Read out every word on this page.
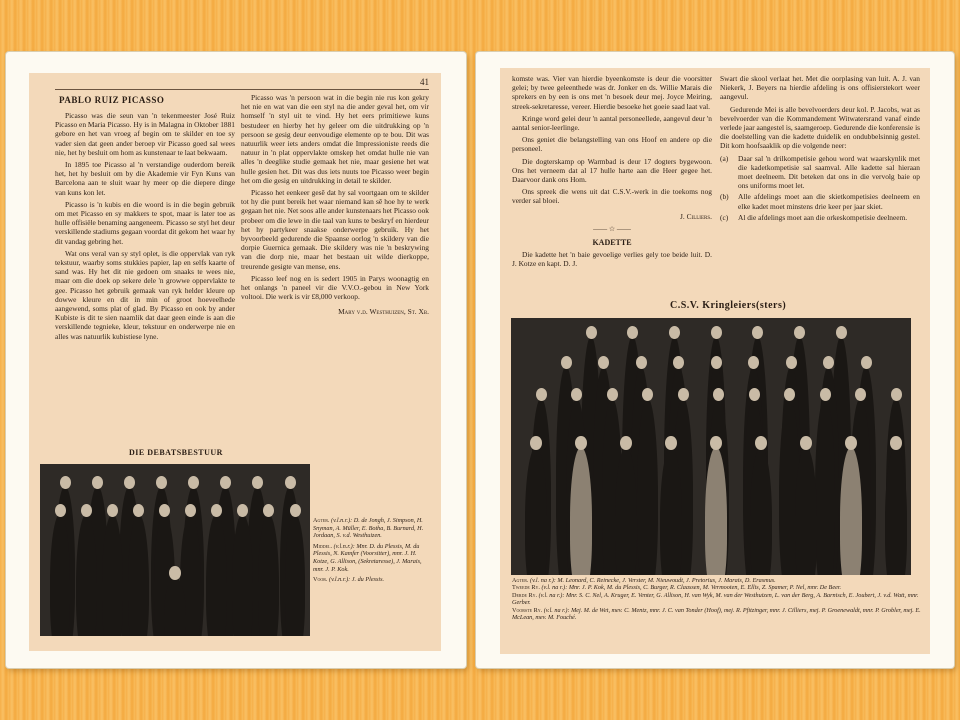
41
PABLO RUIZ PICASSO

Picasso was die seun van 'n tekenmeester José Ruiz Picasso en Maria Picasso. Hy is in Malagna in Oktober 1881 gebore en het van vroeg af begin om te skilder en toe sy vader sien dat geen ander beroep vir Picasso goed sal wees nie, het hy besluit om hom as kunstenaar te laat bekwaam.

In 1895 toe Picasso al 'n verstandige ouderdom bereik het, het hy besluit om by die Akademie vir Fyn Kuns van Barcelona aan te sluit waar hy meer op die diepere dinge van kuns kon let.

Picasso is 'n kubis en die woord is in die begin gebruik om met Picasso en sy makkers te spot, maar is later toe as hulle offisiële benaming aangeneem. Picasso se styl het deur verskillende stadiums gegaan voordat dit gekom het waar hy dit vandag gebring het.

Wat ons veral van sy styl oplet, is die oppervlak van ryk tekstuur, waarby soms stukkies papier, lap en selfs kaarte of sand was. Hy het dit nie gedoen om snaaks te wees nie, maar om die doek op sekere dele 'n growwe oppervlakte te gee. Picasso het gebruik gemaak van ryk helder kleure op dowwe kleure en dit in min of groot hoeveelhede aangewend, soms plat of glad. By Picasso en ook by ander Kubiste is dit te sien naamlik dat daar geen einde is aan die verskillende tegnieke, kleur, tekstuur en onderwerpe nie en alles was natuurlik kubistiese lyne.

Picasso was 'n persoon wat in die begin nie rus kon gekry het nie en wat van die een styl na die ander geval het, om vir homself 'n styl uit te vind. Hy het eers primitiewe kuns bestudeer en hierby het hy geleer om die uitdrukking op 'n persoon se gesig deur eenvoudige elemente op te bou. Dit was natuurlik weer iets anders omdat die Impressioniste reeds die natuur in 'n plat oppervlakte omskep het omdat hulle nie van alles 'n deeglike studie gemaak het nie, maar gesiene het wat hulle gesien het. Dit was dus iets nuuts toe Picasso weer begin het om die gesig en uitdrukking in detail te skilder.

Picasso het eenkeer gesê dat hy sal voortgaan om te skilder tot hy die punt bereik het waar niemand kan sê hoe hy te werk gegaan het nie. Net soos alle ander kunstenaars het Picasso ook probeer om die lewe in die taal van kuns te beskryf en hierdeur het hy partykeer snaakse onderwerpe gebruik. Hy het byvoorbeeld gedurende die Spaanse oorlog 'n skildery van die dorpie Guernica gemaak. Die skildery was nie 'n beskrywing van die dorp nie, maar het bestaan uit wilde dierkoppe, treurende gesigte van mense, ens.

Picasso leef nog en is sedert 1905 in Parys woonagtig en het onlangs 'n paneel vir die V.V.O.-gebou in New York voltooi. Die werk is vir £8,000 verkoop.

Mary v.d. Westhuizen, St. Xb.
DIE DEBATSBESTUUR
Agter. (v.l.n.r.): D. de Jongh, J. Simpson, H. Snyman, A. Müller, E. Botha, B. Burnard, H. Jordaan, S. v.d. Westhuizen.
Middel. (v.l.n.r.): Mnr. D. du Plessis, M. du Plessis, N. Kamfer (Voorsitter), mnr. J. H. Kotze, G. Allison, (Sekretaresse), J. Marais, mnr. J. P. Kok.
Voor. (v.l.n.r.): J. du Plessis.

komste was. Vier van hierdie byeenkomste is deur die voorsitter gelei; by twee geleenthede was dr. Jonker en ds. Willie Marais die sprekers en by een is ons met 'n besoek deur mej. Joyce Meiring, streek-sekretaresse, vereer. Hierdie besoeke het goeie saad laat val.

Kringe word gelei deur 'n aantal personeellede, aangevul deur 'n aantal senior-leerlinge.

Ons geniet die belangstelling van ons Hoof en andere op die personeel.

Die dogterskamp op Warmbad is deur 17 dogters bygewoon. Ons het verneem dat al 17 hulle harte aan die Heer gegee het. Daarvoor dank ons Hom.

Ons spreek die wens uit dat C.S.V.-werk in die toekoms nog verder sal bloei.

J. Cilliers.
—— ☆ ——
KADETTE

Die kadette het 'n baie gevoelige verlies gely toe beide luit. D. J. Kotze en kapt. D. J.

Swart die skool verlaat het. Met die oorplasing van luit. A. J. van Niekerk, J. Beyers na hierdie afdeling is ons offisierstekort weer aangevul.

Gedurende Mei is alle bevelvoerders deur kol. P. Jacobs, wat as bevelvoerder van die Kommandement Witwatersrand vanaf einde verlede jaar aangestel is, saamgeroep. Gedurende die konferensie is die doelstelling van die kadette duidelik en ondubbelsinnig gestel. Dit kom hoofsaaklik op die volgende neer:

(a)	Daar sal 'n drilkompetisie gehou word wat waarskynlik met die kadetkompetisie sal saamval. Alle kadette sal hieraan moet deelneem. Dit beteken dat ons in die vervolg baie op ons uniforms moet let.
(b)	Alle afdelings moet aan die skietkompetisies deelneem en elke kadet moet minstens drie keer per jaar skiet.
(c)	Al die afdelings moet aan die orkeskompetisie deelneem.
C.S.V. Kringleiers(sters)
Agter. (v.l. na r.): M. Leonard, C. Reinecke, J. Verster, M. Nieuwoudt, J. Pretorius, J. Marais, D. Erasmus.
Tweede Ry. (v.l. na r.): Mnr. J. P. Kok, M. du Plessis, C. Burger, R. Claassen, M. Vermooten, E. Ellis, Z. Spamer, P. Nel, mnr. De Beer.
Derde Ry. (v.l. na r.): Mnr. S. C. Nel, A. Kruger, E. Venter, G. Allison, H. van Wyk, M. van der Westhuizen, L. van der Berg, A. Barnisch, E. Joubert, J. v.d. Watt, mnr. Gerber.
Voorste Ry. (v.l. na r.): Mej. M. de Wet, mev. C. Mentz, mnr. J. C. van Tonder (Hoof), mej. R. Pfitzinger, mnr. J. Cilliers, mej. P. Groenewaldt, mnr. P. Grobler, mej. E. McLean, mev. M. Fouché.
